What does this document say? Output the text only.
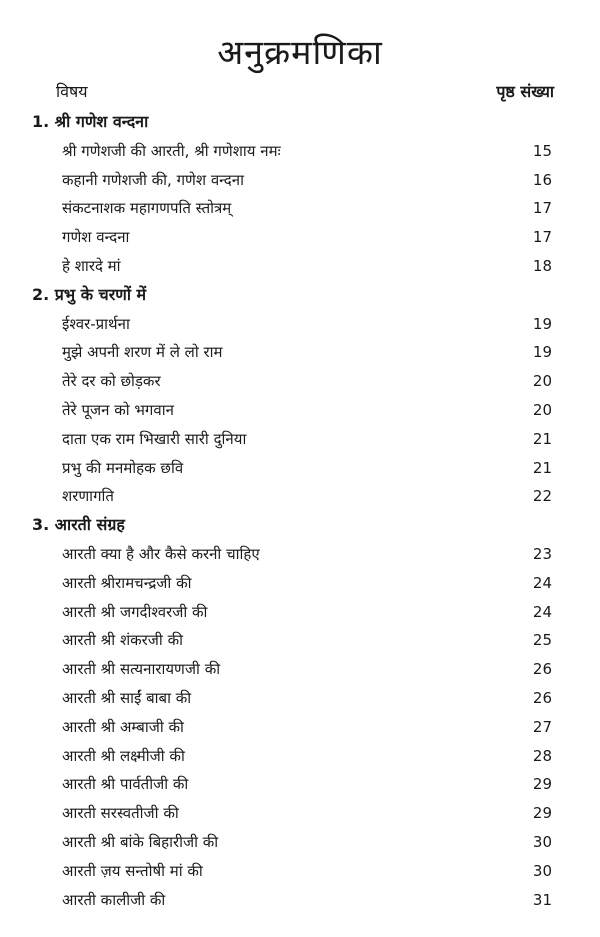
अनुक्रमणिका
विषय	पृष्ठ संख्या
1. श्री गणेश वन्दना
श्री गणेशजी की आरती, श्री गणेशाय नमः	15
कहानी गणेशजी की, गणेश वन्दना	16
संकटनाशक महागणपति स्तोत्रम्	17
गणेश वन्दना	17
हे शारदे मां	18
2. प्रभु के चरणों में
ईश्वर-प्रार्थना	19
मुझे अपनी शरण में ले लो राम	19
तेरे दर को छोड़कर	20
तेरे पूजन को भगवान	20
दाता एक राम भिखारी सारी दुनिया	21
प्रभु की मनमोहक छवि	21
शरणागति	22
3. आरती संग्रह
आरती क्या है और कैसे करनी चाहिए	23
आरती श्रीरामचन्द्रजी की	24
आरती श्री जगदीश्वरजी की	24
आरती श्री शंकरजी की	25
आरती श्री सत्यनारायणजी की	26
आरती श्री साईं बाबा की	26
आरती श्री अम्बाजी की	27
आरती श्री लक्ष्मीजी की	28
आरती श्री पार्वतीजी की	29
आरती सरस्वतीजी की	29
आरती श्री बांके बिहारीजी की	30
आरती ज़य सन्तोषी मां की	30
आरती कालीजी की	31
